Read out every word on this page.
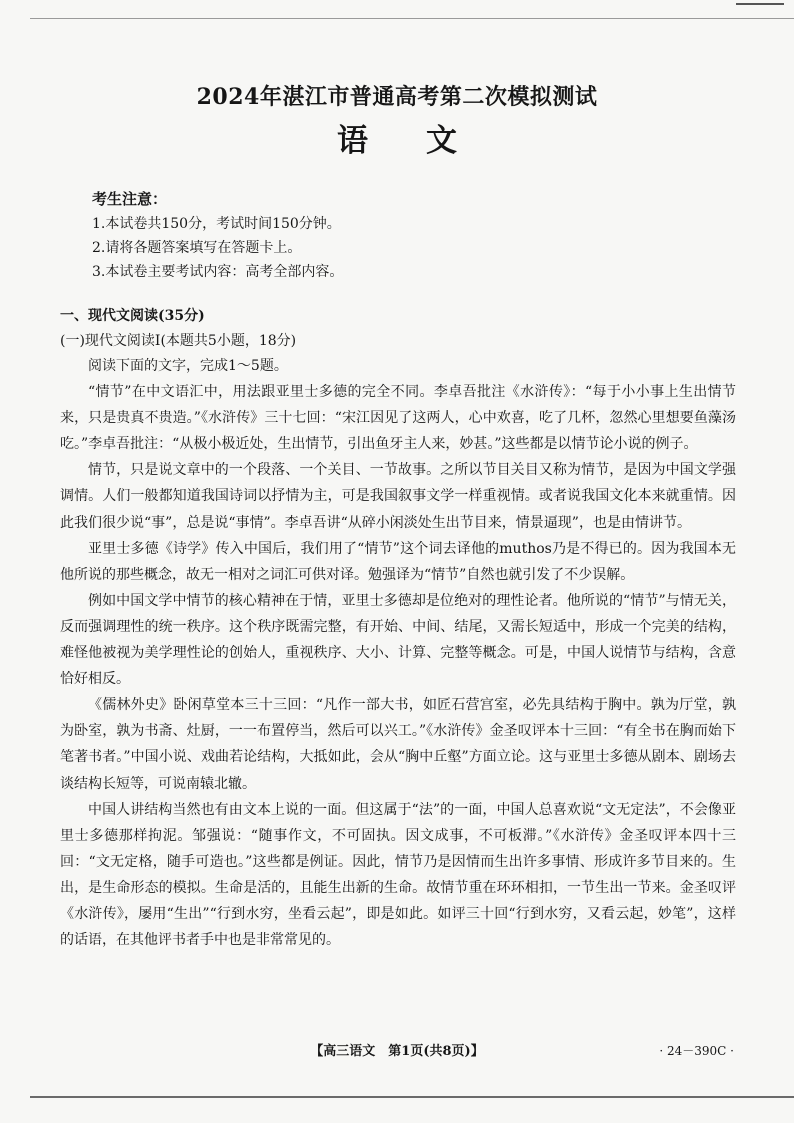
2024年湛江市普通高考第二次模拟测试
语文
考生注意：
1.本试卷共150分，考试时间150分钟。
2.请将各题答案填写在答题卡上。
3.本试卷主要考试内容：高考全部内容。
一、现代文阅读(35分)
(一)现代文阅读Ⅰ(本题共5小题，18分)

阅读下面的文字，完成1～5题。

“情节”在中文语汇中，用法跟亚里士多德的完全不同。李卓吾批注《水浒传》：“每于小小事上生出情节来，只是贵真不贵造。”《水浒传》三十七回：“宋江因见了这两人，心中欢喜，吃了几杯，忽然心里想要鱼藻汤吃。”李卓吾批注：“从极小极近处，生出情节，引出鱼牙主人来，妙甚。”这些都是以情节论小说的例子。

情节，只是说文章中的一个段落、一个关目、一节故事。之所以节目关目又称为情节，是因为中国文学强调情。人们一般都知道我国诗词以抒情为主，可是我国叙事文学一样重视情。或者说我国文化本来就重情。因此我们很少说“事”，总是说“事情”。李卓吾讲“从碎小闲淡处生出节目来，情景逼现”，也是由情讲节。

亚里士多德《诗学》传入中国后，我们用了“情节”这个词去译他的muthos乃是不得已的。因为我国本无他所说的那些概念，故无一相对之词汇可供对译。勉强译为“情节”自然也就引发了不少误解。

例如中国文学中情节的核心精神在于情，亚里士多德却是位绝对的理性论者。他所说的“情节”与情无关，反而强调理性的统一秩序。这个秩序既需完整，有开始、中间、结尾，又需长短适中，形成一个完美的结构，难怪他被视为美学理性论的创始人，重视秩序、大小、计算、完整等概念。可是，中国人说情节与结构，含意恰好相反。

《儒林外史》卧闲草堂本三十三回：“凡作一部大书，如匠石营宫室，必先具结构于胸中。孰为厅堂，孰为卧室，孰为书斋、灶厨，一一布置停当，然后可以兴工。”《水浒传》金圣叹评本十三回：“有全书在胸而始下笔著书者。”中国小说、戏曲若论结构，大抵如此，会从“胸中丘壑”方面立论。这与亚里士多德从剧本、剧场去谈结构长短等，可说南辕北辙。

中国人讲结构当然也有由文本上说的一面。但这属于“法”的一面，中国人总喜欢说“文无定法”，不会像亚里士多德那样拘泥。邹强说：“随事作文，不可固执。因文成事，不可板滞。”《水浒传》金圣叹评本四十三回：“文无定格，随手可造也。”这些都是例证。因此，情节乃是因情而生出许多事情、形成许多节目来的。生出，是生命形态的模拟。生命是活的，且能生出新的生命。故情节重在环环相扣，一节生出一节来。金圣叹评《水浒传》，屡用“生出”“行到水穷，坐看云起”，即是如此。如评三十回“行到水穷，又看云起，妙笔”，这样的话语，在其他评书者手中也是非常常见的。

【高三语文　第1页(共8页)】	· 24－390C ·
